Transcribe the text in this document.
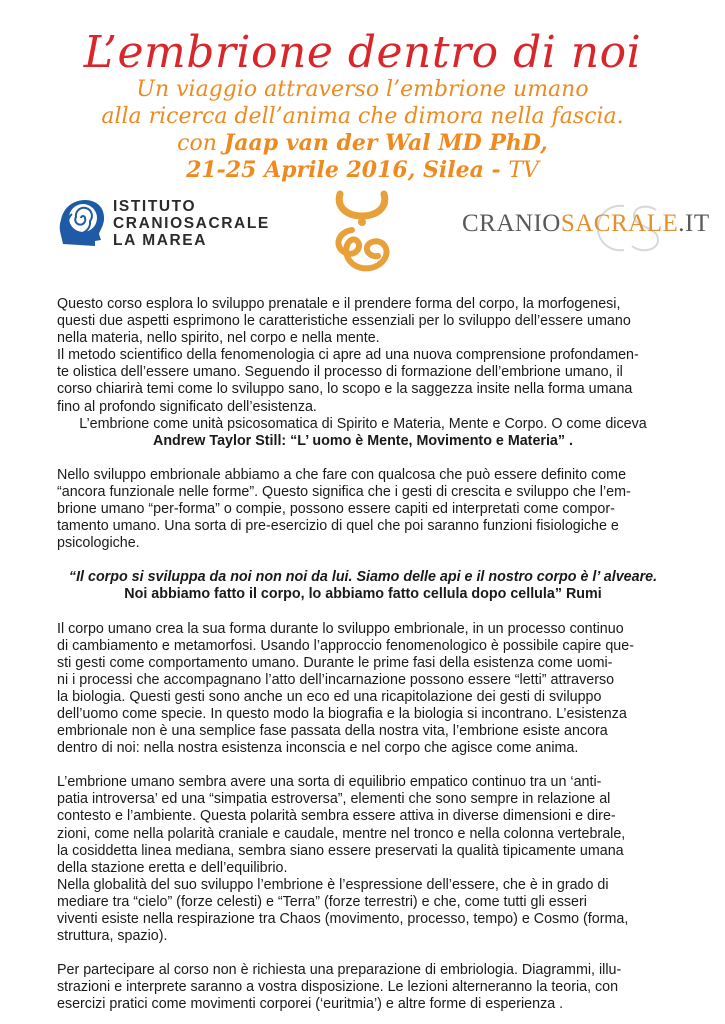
L’embrione dentro di noi

Un viaggio attraverso l’embrione umano

alla ricerca dell’anima che dimora nella fascia.

con Jaap van der Wal MD PhD,

21-25 Aprile 2016, Silea - TV

ISTITUTO
CRANIOSACRALE
LA MAREA
CRANIOSACRALE.IT

Questo corso esplora lo sviluppo prenatale e il prendere forma del corpo, la morfogenesi,

questi due aspetti esprimono le caratteristiche essenziali per lo sviluppo dell’essere umano

nella materia, nello spirito, nel corpo e nella mente.

Il metodo scientifico della fenomenologia ci apre ad una nuova comprensione profondamen-

te olistica dell’essere umano. Seguendo il processo di formazione dell’embrione umano, il

corso chiarirà temi come lo sviluppo sano, lo scopo e la saggezza insite nella forma umana

fino al profondo significato dell’esistenza.

L’embrione come unità psicosomatica di Spirito e Materia, Mente e Corpo. O come diceva

Andrew Taylor Still: “L’ uomo è Mente, Movimento e Materia” .

Nello sviluppo embrionale abbiamo a che fare con qualcosa che può essere definito come

“ancora funzionale nelle forme”. Questo significa che i gesti di crescita e sviluppo che l’em-

brione umano “per-forma” o compie, possono essere capiti ed interpretati come compor-

tamento umano. Una sorta di pre-esercizio di quel che poi saranno funzioni fisiologiche e

psicologiche.

“Il corpo si sviluppa da noi non noi da lui. Siamo delle api e il nostro corpo è l’ alveare.

Noi abbiamo fatto il corpo, lo abbiamo fatto cellula dopo cellula” Rumi

Il corpo umano crea la sua forma durante lo sviluppo embrionale, in un processo continuo

di cambiamento e metamorfosi. Usando l’approccio fenomenologico è possibile capire que-

sti gesti come comportamento umano. Durante le prime fasi della esistenza come uomi-

ni i processi che accompagnano l’atto dell’incarnazione possono essere “letti” attraverso

la biologia. Questi gesti sono anche un eco ed una ricapitolazione dei gesti di sviluppo

dell’uomo come specie. In questo modo la biografia e la biologia si incontrano. L’esistenza

embrionale non è una semplice fase passata della nostra vita, l’embrione esiste ancora

dentro di noi: nella nostra esistenza inconscia e nel corpo che agisce come anima.

L’embrione umano sembra avere una sorta di equilibrio empatico continuo tra un ‘anti-

patia introversa’ ed una “simpatia estroversa”, elementi che sono sempre in relazione al

contesto e l’ambiente. Questa polarità sembra essere attiva in diverse dimensioni e dire-

zioni, come nella polarità craniale e caudale, mentre nel tronco e nella colonna vertebrale,

la cosiddetta linea mediana, sembra siano essere preservati la qualità tipicamente umana

della stazione eretta e dell’equilibrio.

Nella globalità del suo sviluppo l’embrione è l’espressione dell’essere, che è in grado di

mediare tra “cielo” (forze celesti) e “Terra” (forze terrestri) e che, come tutti gli esseri

viventi esiste nella respirazione tra Chaos (movimento, processo, tempo) e Cosmo (forma,

struttura, spazio).

Per partecipare al corso non è richiesta una preparazione di embriologia. Diagrammi, illu-

strazioni e interprete saranno a vostra disposizione. Le lezioni alterneranno la teoria, con

esercizi pratici come movimenti corporei (‘euritmia’) e altre forme di esperienza .
